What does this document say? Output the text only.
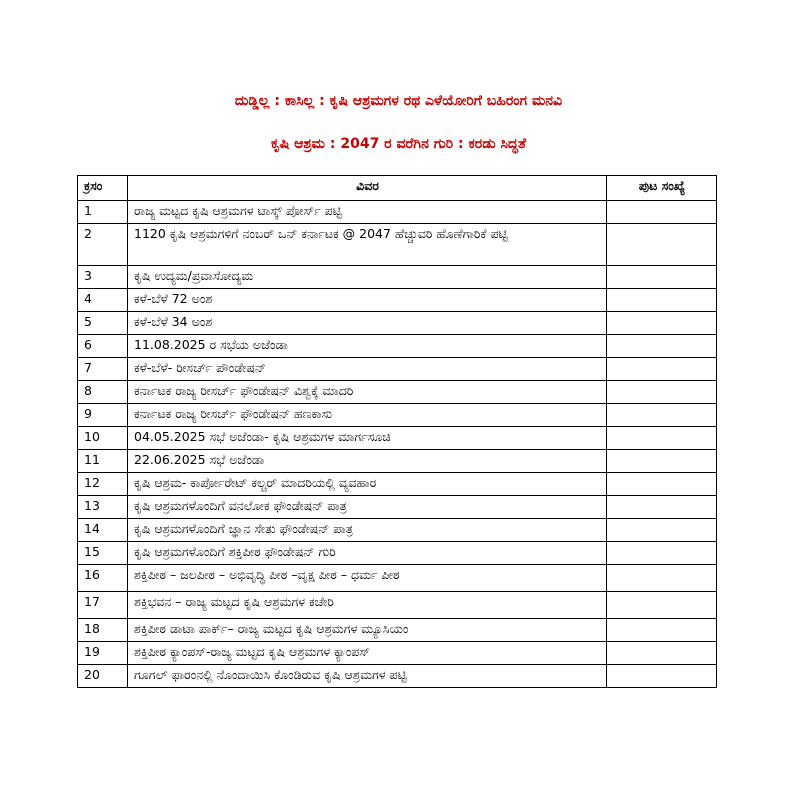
ದುಡ್ಡಿಲ್ಲ : ಕಾಸಿಲ್ಲ : ಕೃಷಿ ಆಶ್ರಮಗಳ ರಥ ಎಳೆಯೋರಿಗೆ ಬಹಿರಂಗ ಮನವಿ
ಕೃಷಿ ಆಶ್ರಮ : 2047 ರ ವರೆಗಿನ ಗುರಿ : ಕರಡು ಸಿದ್ಧತೆ
ಕ್ರಸಂ	ವಿವರ	ಪುಟ ಸಂಖ್ಯೆ
1	ರಾಜ್ಯ ಮಟ್ಟದ ಕೃಷಿ ಆಶ್ರಮಗಳ ಟಾಸ್ಕ್ ಪೋರ್ಸ್ ಪಟ್ಟಿ	
2	1120 ಕೃಷಿ ಆಶ್ರಮಗಳಿಗೆ ನಂಬರ್ ಒನ್ ಕರ್ನಾಟಕ @ 2047 ಹೆಚ್ಚುವರಿ ಹೊಣೆಗಾರಿಕೆ ಪಟ್ಟಿ	
3	ಕೃಷಿ ಉದ್ಯಮ/ಪ್ರವಾಸೋದ್ಯಮ	
4	ಕಳೆ-ಬೆಳೆ 72 ಅಂಶ	
5	ಕಳೆ-ಬೆಳೆ 34 ಅಂಶ	
6	11.08.2025 ರ ಸಭೆಯ ಅಜೆಂಡಾ	
7	ಕಳೆ-ಬೆಳೆ- ರೀಸರ್ಚ್ ಪೌಂಡೇಷನ್	
8	ಕರ್ನಾಟಕ ರಾಜ್ಯ ರೀಸರ್ಚ್ ಫೌಂಡೇಷನ್ ವಿಶ್ವಕ್ಕೆ ಮಾದರಿ	
9	ಕರ್ನಾಟಕ ರಾಜ್ಯ ರೀಸರ್ಚ್ ಫೌಂಡೇಷನ್ ಹಣಕಾಸು	
10	04.05.2025 ಸಭೆ ಅಜೆಂಡಾ- ಕೃಷಿ ಆಶ್ರಮಗಳ ಮಾರ್ಗಸೂಚಿ	
11	22.06.2025 ಸಭೆ ಅಜೆಂಡಾ	
12	ಕೃಷಿ ಆಶ್ರಮ- ಕಾರ್ಪೋರೇಟ್ ಕಲ್ಚರ್ ಮಾದರಿಯಲ್ಲಿ ವ್ಯವಹಾರ	
13	ಕೃಷಿ ಆಶ್ರಮಗಳೊಂದಿಗೆ ವನಲೋಕ ಫೌಂಡೇಷನ್ ಪಾತ್ರ	
14	ಕೃಷಿ ಆಶ್ರಮಗಳೊಂದಿಗೆ ಜ್ಞಾನ ಸೇತು ಫೌಂಡೇಷನ್ ಪಾತ್ರ	
15	ಕೃಷಿ ಆಶ್ರಮಗಳೊಂದಿಗೆ ಶಕ್ತಿಪೀಠ ಫೌಂಡೇಷನ್ ಗುರಿ	
16	ಶಕ್ತಿಪೀಠ – ಜಲಪೀಠ – ಅಭಿವೃದ್ಧಿ ಪೀಠ –ವೃಕ್ಷ ಪೀಠ – ಧರ್ಮ ಪೀಠ	
17	ಶಕ್ತಿಭವನ – ರಾಜ್ಯ ಮಟ್ಟದ ಕೃಷಿ ಆಶ್ರಮಗಳ ಕಚೇರಿ	
18	ಶಕ್ತಿಪೀಠ ಡಾಟಾ ಪಾರ್ಕ್– ರಾಜ್ಯ ಮಟ್ಟದ ಕೃಷಿ ಆಶ್ರಮಗಳ ಮ್ಯೂಸಿಯಂ	
19	ಶಕ್ತಿಪೀಠ ಕ್ಯಾಂಪಸ್-ರಾಜ್ಯ ಮಟ್ಟದ ಕೃಷಿ ಆಶ್ರಮಗಳ ಕ್ಯಾಂಪಸ್	
20	ಗೂಗಲ್ ಫಾರಂನಲ್ಲಿ ನೊಂದಾಯಿಸಿ ಕೊಂಡಿರುವ ಕೃಷಿ ಆಶ್ರಮಗಳ ಪಟ್ಟಿ	
